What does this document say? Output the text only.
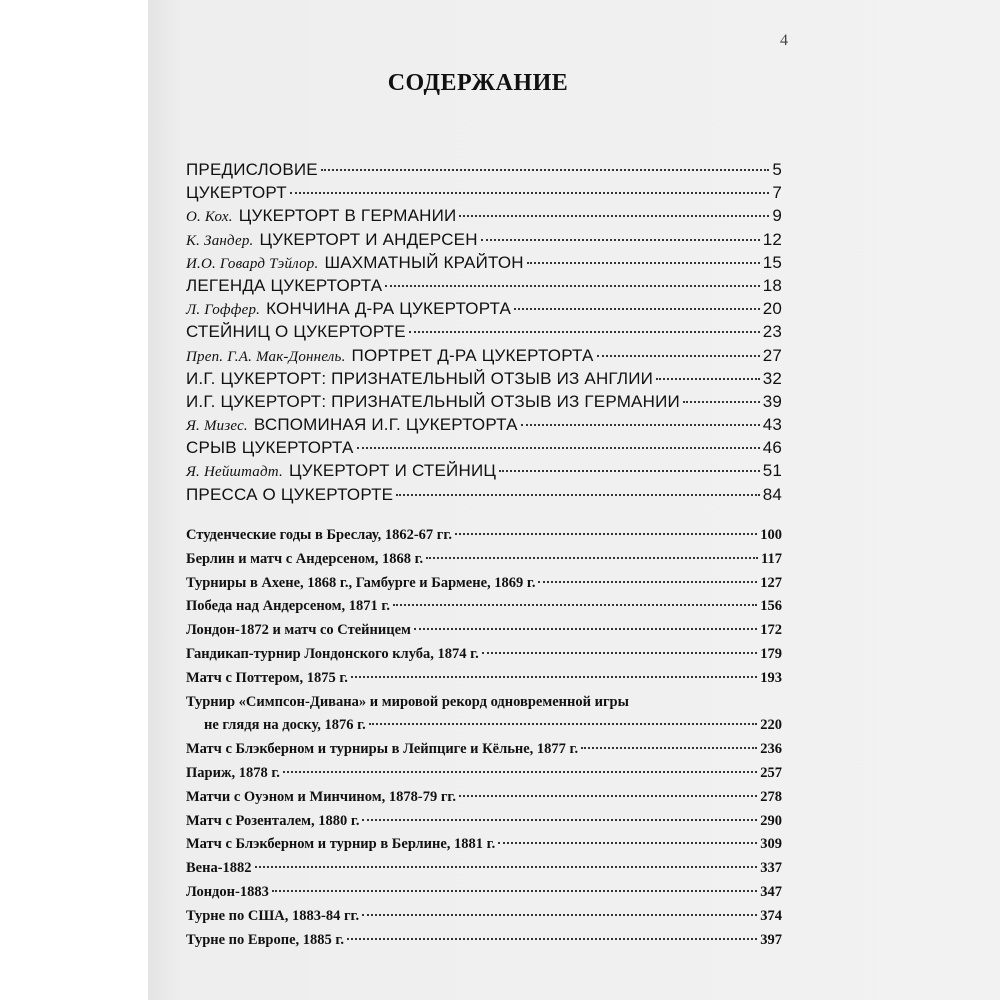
4
СОДЕРЖАНИЕ
ПРЕДИСЛОВИЕ	5
ЦУКЕРТОРТ	7
О. Кох. ЦУКЕРТОРТ В ГЕРМАНИИ	9
К. Зандер. ЦУКЕРТОРТ И АНДЕРСЕН	12
И.О. Говард Тэйлор. ШАХМАТНЫЙ КРАЙТОН	15
ЛЕГЕНДА ЦУКЕРТОРТА	18
Л. Гоффер. КОНЧИНА Д-РА ЦУКЕРТОРТА	20
СТЕЙНИЦ О ЦУКЕРТОРТЕ	23
Преп. Г.А. Мак-Доннель. ПОРТРЕТ Д-РА ЦУКЕРТОРТА	27
И.Г. ЦУКЕРТОРТ: ПРИЗНАТЕЛЬНЫЙ ОТЗЫВ ИЗ АНГЛИИ	32
И.Г. ЦУКЕРТОРТ: ПРИЗНАТЕЛЬНЫЙ ОТЗЫВ ИЗ ГЕРМАНИИ	39
Я. Мизес. ВСПОМИНАЯ И.Г. ЦУКЕРТОРТА	43
СРЫВ ЦУКЕРТОРТА	46
Я. Нейштадт. ЦУКЕРТОРТ И СТЕЙНИЦ	51
ПРЕССА О ЦУКЕРТОРТЕ	84
Студенческие годы в Бреслау, 1862-67 гг.	100
Берлин и матч с Андерсеном, 1868 г.	117
Турниры в Ахене, 1868 г., Гамбурге и Бармене, 1869 г.	127
Победа над Андерсеном, 1871 г.	156
Лондон-1872 и матч со Стейницем	172
Гандикап-турнир Лондонского клуба, 1874 г.	179
Матч с Поттером, 1875 г.	193
Турнир «Симпсон-Дивана» и мировой рекорд одновременной игры
не глядя на доску, 1876 г.	220
Матч с Блэкберном и турниры в Лейпциге и Кёльне, 1877 г.	236
Париж, 1878 г.	257
Матчи с Оуэном и Минчином, 1878-79 гг.	278
Матч с Розенталем, 1880 г.	290
Матч с Блэкберном и турнир в Берлине, 1881 г.	309
Вена-1882	337
Лондон-1883	347
Турне по США, 1883-84 гг.	374
Турне по Европе, 1885 г.	397
